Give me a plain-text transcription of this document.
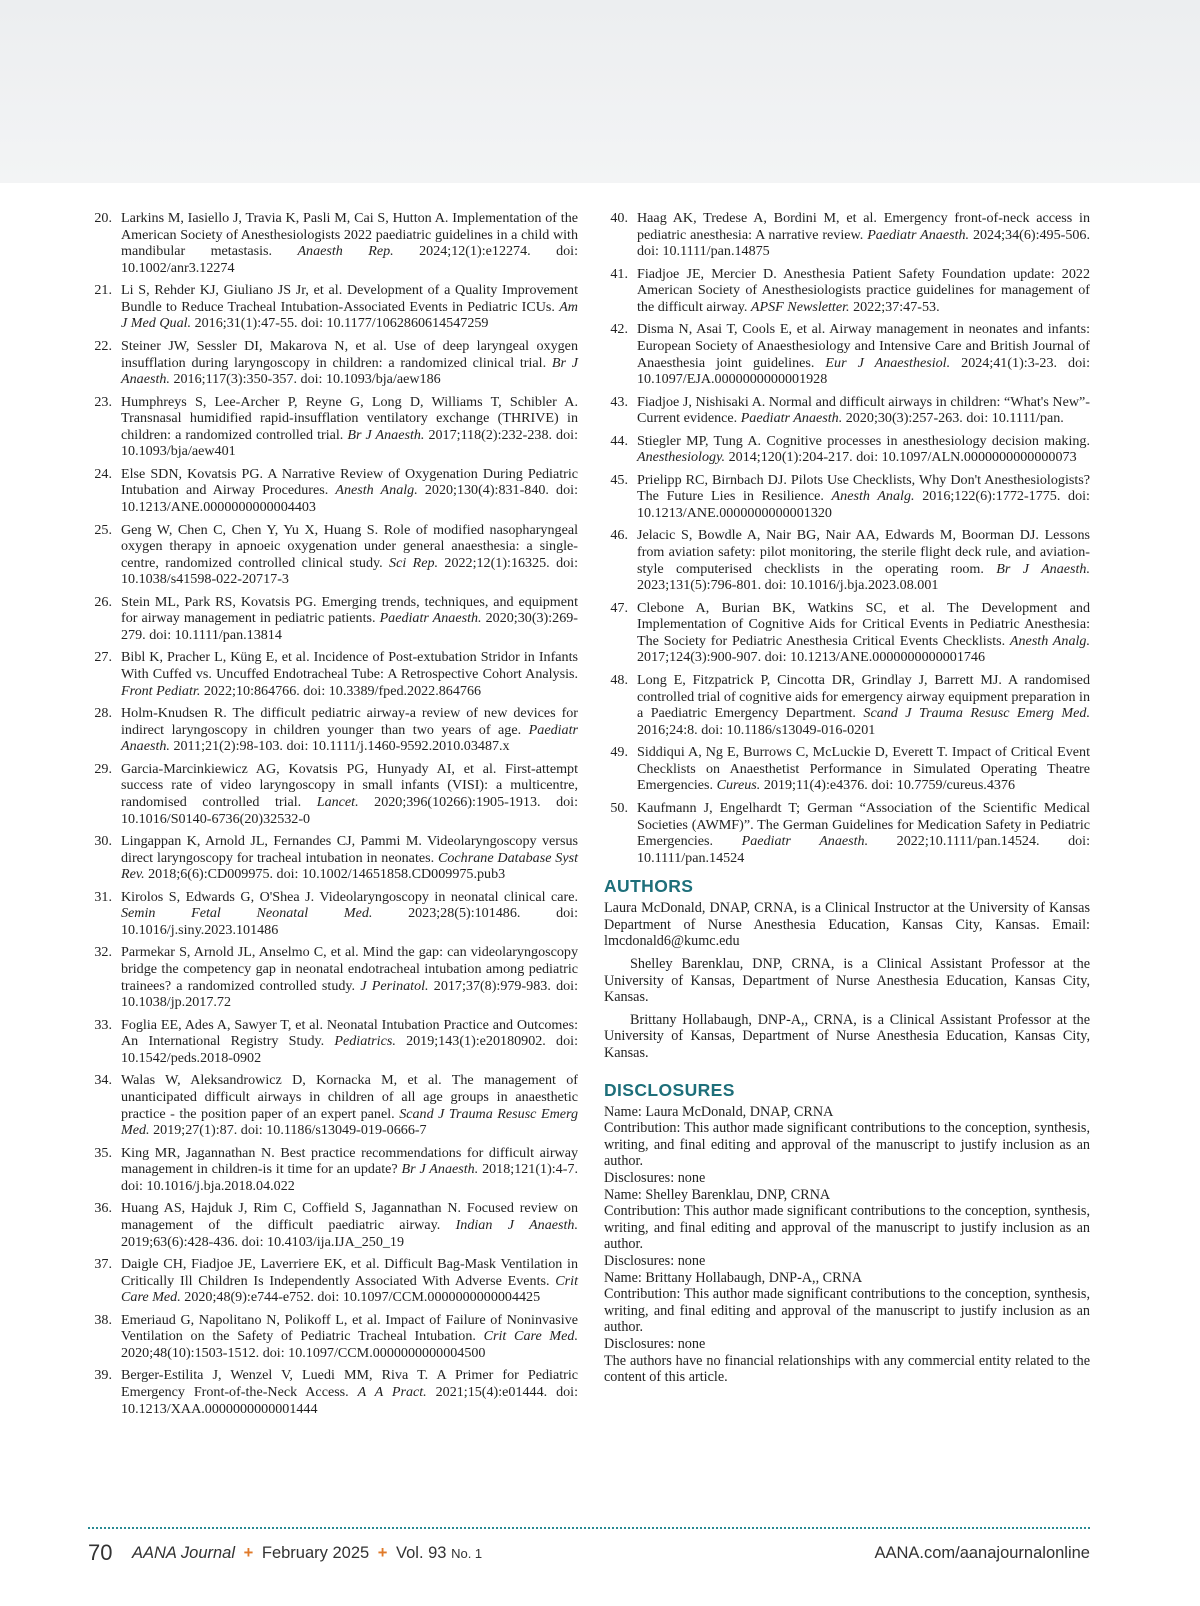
20. Larkins M, Iasiello J, Travia K, Pasli M, Cai S, Hutton A. Implementation of the American Society of Anesthesiologists 2022 paediatric guidelines in a child with mandibular metastasis. Anaesth Rep. 2024;12(1):e12274. doi: 10.1002/anr3.12274
21. Li S, Rehder KJ, Giuliano JS Jr, et al. Development of a Quality Improvement Bundle to Reduce Tracheal Intubation-Associated Events in Pediatric ICUs. Am J Med Qual. 2016;31(1):47-55. doi: 10.1177/1062860614547259
22. Steiner JW, Sessler DI, Makarova N, et al. Use of deep laryngeal oxygen insufflation during laryngoscopy in children: a randomized clinical trial. Br J Anaesth. 2016;117(3):350-357. doi: 10.1093/bja/aew186
23. Humphreys S, Lee-Archer P, Reyne G, Long D, Williams T, Schibler A. Transnasal humidified rapid-insufflation ventilatory exchange (THRIVE) in children: a randomized controlled trial. Br J Anaesth. 2017;118(2):232-238. doi: 10.1093/bja/aew401
24. Else SDN, Kovatsis PG. A Narrative Review of Oxygenation During Pediatric Intubation and Airway Procedures. Anesth Analg. 2020;130(4):831-840. doi: 10.1213/ANE.0000000000004403
25. Geng W, Chen C, Chen Y, Yu X, Huang S. Role of modified nasopharyngeal oxygen therapy in apnoeic oxygenation under general anaesthesia: a single-centre, randomized controlled clinical study. Sci Rep. 2022;12(1):16325. doi: 10.1038/s41598-022-20717-3
26. Stein ML, Park RS, Kovatsis PG. Emerging trends, techniques, and equipment for airway management in pediatric patients. Paediatr Anaesth. 2020;30(3):269-279. doi: 10.1111/pan.13814
27. Bibl K, Pracher L, Küng E, et al. Incidence of Post-extubation Stridor in Infants With Cuffed vs. Uncuffed Endotracheal Tube: A Retrospective Cohort Analysis. Front Pediatr. 2022;10:864766. doi: 10.3389/fped.2022.864766
28. Holm-Knudsen R. The difficult pediatric airway-a review of new devices for indirect laryngoscopy in children younger than two years of age. Paediatr Anaesth. 2011;21(2):98-103. doi: 10.1111/j.1460-9592.2010.03487.x
29. Garcia-Marcinkiewicz AG, Kovatsis PG, Hunyady AI, et al. First-attempt success rate of video laryngoscopy in small infants (VISI): a multicentre, randomised controlled trial. Lancet. 2020;396(10266):1905-1913. doi: 10.1016/S0140-6736(20)32532-0
30. Lingappan K, Arnold JL, Fernandes CJ, Pammi M. Videolaryngoscopy versus direct laryngoscopy for tracheal intubation in neonates. Cochrane Database Syst Rev. 2018;6(6):CD009975. doi: 10.1002/14651858.CD009975.pub3
31. Kirolos S, Edwards G, O'Shea J. Videolaryngoscopy in neonatal clinical care. Semin Fetal Neonatal Med. 2023;28(5):101486. doi: 10.1016/j.siny.2023.101486
32. Parmekar S, Arnold JL, Anselmo C, et al. Mind the gap: can videolaryngoscopy bridge the competency gap in neonatal endotracheal intubation among pediatric trainees? a randomized controlled study. J Perinatol. 2017;37(8):979-983. doi: 10.1038/jp.2017.72
33. Foglia EE, Ades A, Sawyer T, et al. Neonatal Intubation Practice and Outcomes: An International Registry Study. Pediatrics. 2019;143(1):e20180902. doi: 10.1542/peds.2018-0902
34. Walas W, Aleksandrowicz D, Kornacka M, et al. The management of unanticipated difficult airways in children of all age groups in anaesthetic practice - the position paper of an expert panel. Scand J Trauma Resusc Emerg Med. 2019;27(1):87. doi: 10.1186/s13049-019-0666-7
35. King MR, Jagannathan N. Best practice recommendations for difficult airway management in children-is it time for an update? Br J Anaesth. 2018;121(1):4-7. doi: 10.1016/j.bja.2018.04.022
36. Huang AS, Hajduk J, Rim C, Coffield S, Jagannathan N. Focused review on management of the difficult paediatric airway. Indian J Anaesth. 2019;63(6):428-436. doi: 10.4103/ija.IJA_250_19
37. Daigle CH, Fiadjoe JE, Laverriere EK, et al. Difficult Bag-Mask Ventilation in Critically Ill Children Is Independently Associated With Adverse Events. Crit Care Med. 2020;48(9):e744-e752. doi: 10.1097/CCM.0000000000004425
38. Emeriaud G, Napolitano N, Polikoff L, et al. Impact of Failure of Noninvasive Ventilation on the Safety of Pediatric Tracheal Intubation. Crit Care Med. 2020;48(10):1503-1512. doi: 10.1097/CCM.0000000000004500
39. Berger-Estilita J, Wenzel V, Luedi MM, Riva T. A Primer for Pediatric Emergency Front-of-the-Neck Access. A A Pract. 2021;15(4):e01444. doi: 10.1213/XAA.0000000000001444
40. Haag AK, Tredese A, Bordini M, et al. Emergency front-of-neck access in pediatric anesthesia: A narrative review. Paediatr Anaesth. 2024;34(6):495-506. doi: 10.1111/pan.14875
41. Fiadjoe JE, Mercier D. Anesthesia Patient Safety Foundation update: 2022 American Society of Anesthesiologists practice guidelines for management of the difficult airway. APSF Newsletter. 2022;37:47-53.
42. Disma N, Asai T, Cools E, et al. Airway management in neonates and infants: European Society of Anaesthesiology and Intensive Care and British Journal of Anaesthesia joint guidelines. Eur J Anaesthesiol. 2024;41(1):3-23. doi: 10.1097/EJA.0000000000001928
43. Fiadjoe J, Nishisaki A. Normal and difficult airways in children: “What's New”-Current evidence. Paediatr Anaesth. 2020;30(3):257-263. doi: 10.1111/pan.
44. Stiegler MP, Tung A. Cognitive processes in anesthesiology decision making. Anesthesiology. 2014;120(1):204-217. doi: 10.1097/ALN.0000000000000073
45. Prielipp RC, Birnbach DJ. Pilots Use Checklists, Why Don't Anesthesiologists? The Future Lies in Resilience. Anesth Analg. 2016;122(6):1772-1775. doi: 10.1213/ANE.0000000000001320
46. Jelacic S, Bowdle A, Nair BG, Nair AA, Edwards M, Boorman DJ. Lessons from aviation safety: pilot monitoring, the sterile flight deck rule, and aviation-style computerised checklists in the operating room. Br J Anaesth. 2023;131(5):796-801. doi: 10.1016/j.bja.2023.08.001
47. Clebone A, Burian BK, Watkins SC, et al. The Development and Implementation of Cognitive Aids for Critical Events in Pediatric Anesthesia: The Society for Pediatric Anesthesia Critical Events Checklists. Anesth Analg. 2017;124(3):900-907. doi: 10.1213/ANE.0000000000001746
48. Long E, Fitzpatrick P, Cincotta DR, Grindlay J, Barrett MJ. A randomised controlled trial of cognitive aids for emergency airway equipment preparation in a Paediatric Emergency Department. Scand J Trauma Resusc Emerg Med. 2016;24:8. doi: 10.1186/s13049-016-0201
49. Siddiqui A, Ng E, Burrows C, McLuckie D, Everett T. Impact of Critical Event Checklists on Anaesthetist Performance in Simulated Operating Theatre Emergencies. Cureus. 2019;11(4):e4376. doi: 10.7759/cureus.4376
50. Kaufmann J, Engelhardt T; German “Association of the Scientific Medical Societies (AWMF)”. The German Guidelines for Medication Safety in Pediatric Emergencies. Paediatr Anaesth. 2022;10.1111/pan.14524. doi: 10.1111/pan.14524
AUTHORS

Laura McDonald, DNAP, CRNA, is a Clinical Instructor at the University of Kansas Department of Nurse Anesthesia Education, Kansas City, Kansas. Email: lmcdonald6@kumc.edu

Shelley Barenklau, DNP, CRNA, is a Clinical Assistant Professor at the University of Kansas, Department of Nurse Anesthesia Education, Kansas City, Kansas.

Brittany Hollabaugh, DNP-A,, CRNA, is a Clinical Assistant Professor at the University of Kansas, Department of Nurse Anesthesia Education, Kansas City, Kansas.

DISCLOSURES
Name: Laura McDonald, DNAP, CRNA
Contribution: This author made significant contributions to the conception, synthesis, writing, and final editing and approval of the manuscript to justify inclusion as an author.
Disclosures: none
Name: Shelley Barenklau, DNP, CRNA
Contribution: This author made significant contributions to the conception, synthesis, writing, and final editing and approval of the manuscript to justify inclusion as an author.
Disclosures: none
Name: Brittany Hollabaugh, DNP-A,, CRNA
Contribution: This author made significant contributions to the conception, synthesis, writing, and final editing and approval of the manuscript to justify inclusion as an author.
Disclosures: none
The authors have no financial relationships with any commercial entity related to the content of this article.
70 AANA Journal + February 2025 + Vol. 93 No. 1	AANA.com/aanajournalonline
